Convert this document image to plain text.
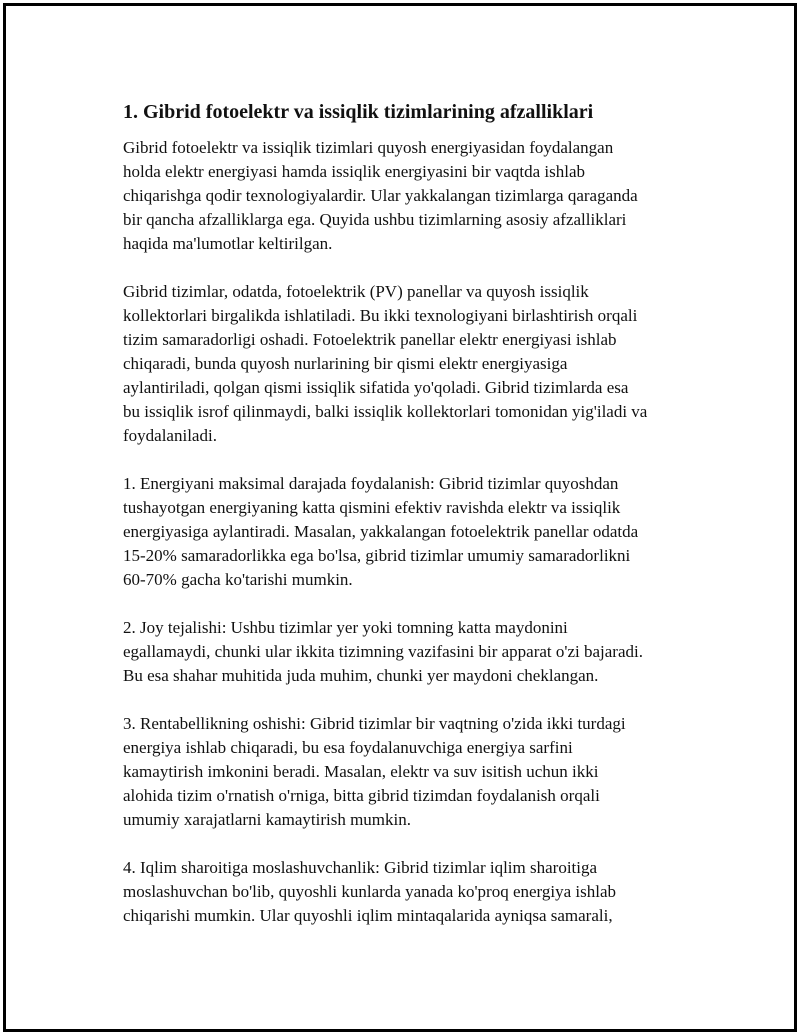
1. Gibrid fotoelektr va issiqlik tizimlarining afzalliklari

Gibrid fotoelektr va issiqlik tizimlari quyosh energiyasidan foydalangan
holda elektr energiyasi hamda issiqlik energiyasini bir vaqtda ishlab
chiqarishga qodir texnologiyalardir. Ular yakkalangan tizimlarga qaraganda
bir qancha afzalliklarga ega. Quyida ushbu tizimlarning asosiy afzalliklari
haqida ma'lumotlar keltirilgan.

Gibrid tizimlar, odatda, fotoelektrik (PV) panellar va quyosh issiqlik
kollektorlari birgalikda ishlatiladi. Bu ikki texnologiyani birlashtirish orqali
tizim samaradorligi oshadi. Fotoelektrik panellar elektr energiyasi ishlab
chiqaradi, bunda quyosh nurlarining bir qismi elektr energiyasiga
aylantiriladi, qolgan qismi issiqlik sifatida yo'qoladi. Gibrid tizimlarda esa
bu issiqlik isrof qilinmaydi, balki issiqlik kollektorlari tomonidan yig'iladi va
foydalaniladi.

1. Energiyani maksimal darajada foydalanish: Gibrid tizimlar quyoshdan
tushayotgan energiyaning katta qismini efektiv ravishda elektr va issiqlik
energiyasiga aylantiradi. Masalan, yakkalangan fotoelektrik panellar odatda
15-20% samaradorlikka ega bo'lsa, gibrid tizimlar umumiy samaradorlikni
60-70% gacha ko'tarishi mumkin.

2. Joy tejalishi: Ushbu tizimlar yer yoki tomning katta maydonini
egallamaydi, chunki ular ikkita tizimning vazifasini bir apparat o'zi bajaradi.
Bu esa shahar muhitida juda muhim, chunki yer maydoni cheklangan.

3. Rentabellikning oshishi: Gibrid tizimlar bir vaqtning o'zida ikki turdagi
energiya ishlab chiqaradi, bu esa foydalanuvchiga energiya sarfini
kamaytirish imkonini beradi. Masalan, elektr va suv isitish uchun ikki
alohida tizim o'rnatish o'rniga, bitta gibrid tizimdan foydalanish orqali
umumiy xarajatlarni kamaytirish mumkin.

4. Iqlim sharoitiga moslashuvchanlik: Gibrid tizimlar iqlim sharoitiga
moslashuvchan bo'lib, quyoshli kunlarda yanada ko'proq energiya ishlab
chiqarishi mumkin. Ular quyoshli iqlim mintaqalarida ayniqsa samarali,
